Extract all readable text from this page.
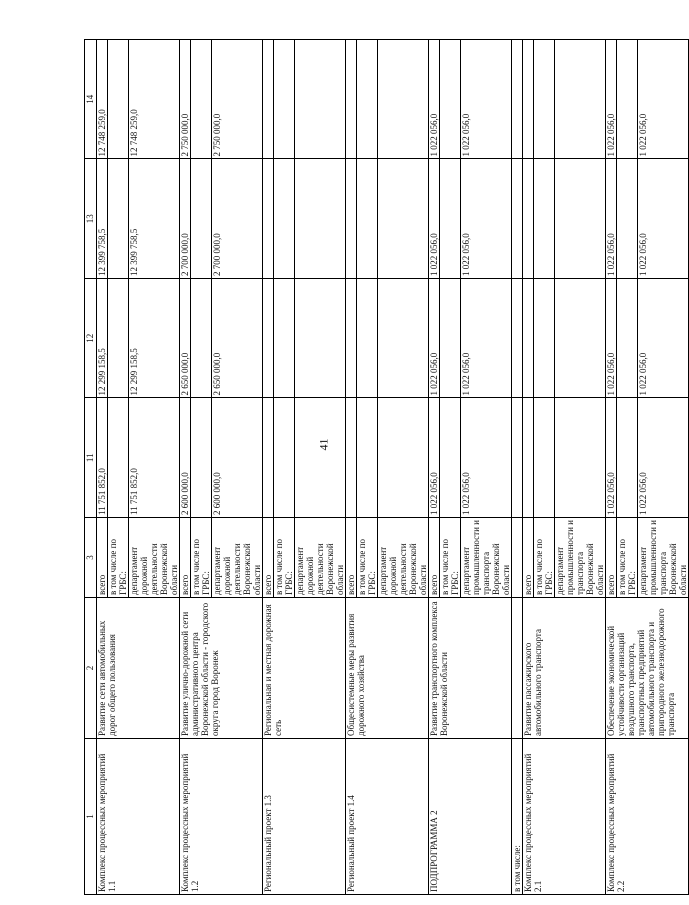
41
1	2	3	11	12	13	14
Комплекс процессных мероприятий 1.1	Развитие сети автомобильных дорог общего пользования	всего	11 751 852,0	12 299 158,5	12 399 758,5	12 748 259,0
		в том числе по ГРБС:				
		департамент дорожной деятельности Воронежской области	11 751 852,0	12 299 158,5	12 399 758,5	12 748 259,0
Комплекс процессных мероприятий 1.2	Развитие улично-дорожной сети административного центра Воронежской области - городского округа город Воронеж	всего	2 600 000,0	2 650 000,0	2 700 000,0	2 750 000,0
		в том числе по ГРБС:				
		департамент дорожной деятельности Воронежской области	2 600 000,0	2 650 000,0	2 700 000,0	2 750 000,0
Региональный проект 1.3	Региональная и местная дорожная сеть	всего				
		в том числе по ГРБС:				
		департамент дорожной деятельности Воронежской области				
Региональный проект 1.4	Общесистемные меры развития дорожного хозяйства	всего				
		в том числе по ГРБС:				
		департамент дорожной деятельности Воронежской области				
ПОДПРОГРАММА 2	Развитие транспортного комплекса Воронежской области	всего	1 022 056,0	1 022 056,0	1 022 056,0	1 022 056,0
		в том числе по ГРБС:				
		департамент промышленности и транспорта Воронежской области	1 022 056,0	1 022 056,0	1 022 056,0	1 022 056,0
в том числе:						
Комплекс процессных мероприятий 2.1	Развитие пассажирского автомобильного транспорта	всего				
		в том числе по ГРБС:				
		департамент промышленности и транспорта Воронежской области				
Комплекс процессных мероприятий 2.2	Обеспечение экономической устойчивости организаций воздушного транспорта, транспортных предприятий автомобильного транспорта и пригородного железнодорожного транспорта	всего	1 022 056,0	1 022 056,0	1 022 056,0	1 022 056,0
		в том числе по ГРБС:				
		департамент промышленности и транспорта Воронежской области	1 022 056,0	1 022 056,0	1 022 056,0	1 022 056,0
